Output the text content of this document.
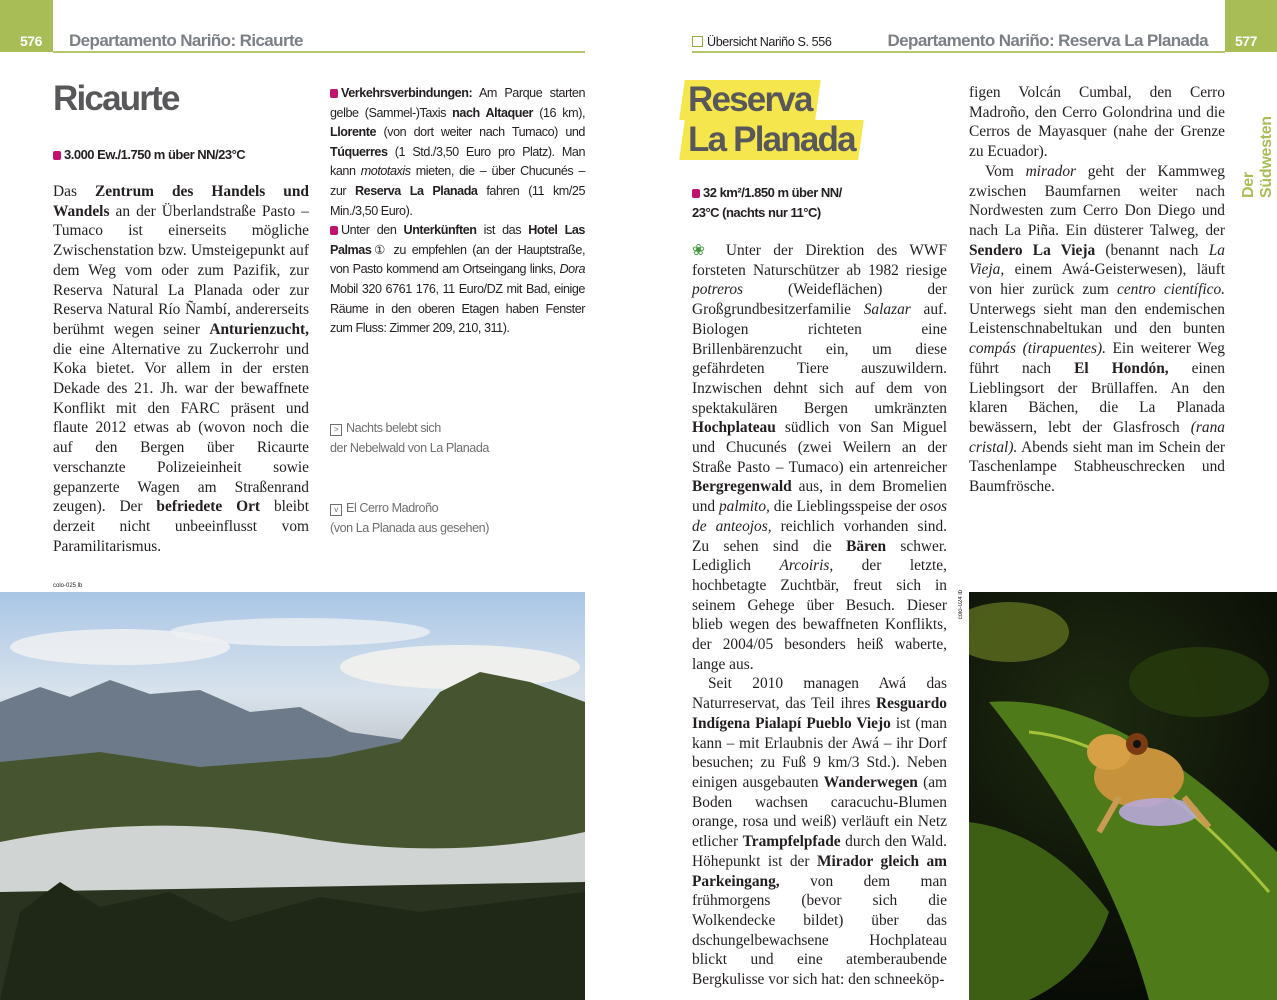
576 Departamento Nariño: Ricaurte
Ricaurte
3.000 Ew./1.750 m über NN/23°C

Das Zentrum des Handels und Wandels an der Überlandstraße Pasto – Tumaco ist einerseits mögliche Zwischenstation bzw. Umsteigepunkt auf dem Weg vom oder zum Pazifik, zur Reserva Natural La Planada oder zur Reserva Natural Río Ñambí, andererseits berühmt wegen seiner Anturienzucht, die eine Alternative zu Zuckerrohr und Koka bietet. Vor allem in der ersten Dekade des 21. Jh. war der bewaffnete Konflikt mit den FARC präsent und flaute 2012 etwas ab (wovon noch die auf den Bergen über Ricaurte verschanzte Polizeieinheit sowie gepanzerte Wagen am Straßenrand zeugen). Der befriedete Ort bleibt derzeit nicht unbeeinflusst vom Paramilitarismus.

Verkehrsverbindungen: Am Parque starten gelbe (Sammel-)Taxis nach Altaquer (16 km), Llorente (von dort weiter nach Tumaco) und Túquerres (1 Std./3,50 Euro pro Platz). Man kann mototaxis mieten, die – über Chucunés – zur Reserva La Planada fahren (11 km/25 Min./3,50 Euro).

Unter den Unterkünften ist das Hotel Las Palmas① zu empfehlen (an der Hauptstraße, von Pasto kommend am Ortseingang links, Dora Mobil 320 6761 176, 11 Euro/DZ mit Bad, einige Räume in den oberen Etagen haben Fenster zum Fluss: Zimmer 209, 210, 311).

> Nachts belebt sich
der Nebelwald von La Planada
v El Cerro Madroño
(von La Planada aus gesehen)
colo-025 lb
Übersicht Nariño S. 556	Departamento Nariño: Reserva La Planada 577
Der Südwesten
Reserva
La Planada
32 km²/1.850 m über NN/
23°C (nachts nur 11°C)

❀ Unter der Direktion des WWF forsteten Naturschützer ab 1982 riesige potreros (Weideflächen) der Großgrundbesitzerfamilie Salazar auf. Biologen richteten eine Brillenbärenzucht ein, um diese gefährdeten Tiere auszuwildern. Inzwischen dehnt sich auf dem von spektakulären Bergen umkränzten Hochplateau südlich von San Miguel und Chucunés (zwei Weilern an der Straße Pasto – Tumaco) ein artenreicher Bergregenwald aus, in dem Bromelien und palmito, die Lieblingsspeise der osos de anteojos, reichlich vorhanden sind. Zu sehen sind die Bären schwer. Lediglich Arcoiris, der letzte, hochbetagte Zuchtbär, freut sich in seinem Gehege über Besuch. Dieser blieb wegen des bewaffneten Konflikts, der 2004/05 besonders heiß waberte, lange aus.

Seit 2010 managen Awá das Naturreservat, das Teil ihres Resguardo Indígena Pialapí Pueblo Viejo ist (man kann – mit Erlaubnis der Awá – ihr Dorf besuchen; zu Fuß 9 km/3 Std.). Neben einigen ausgebauten Wanderwegen (am Boden wachsen caracuchu-Blumen orange, rosa und weiß) verläuft ein Netz etlicher Trampfelpfade durch den Wald. Höhepunkt ist der Mirador gleich am Parkeingang, von dem man frühmorgens (bevor sich die Wolkendecke bildet) über das dschungelbewachsene Hochplateau blickt und eine atemberaubende Bergkulisse vor sich hat: den schneeköp-

figen Volcán Cumbal, den Cerro Madroño, den Cerro Golondrina und die Cerros de Mayasquer (nahe der Grenze zu Ecuador).

Vom mirador geht der Kammweg zwischen Baumfarnen weiter nach Nordwesten zum Cerro Don Diego und nach La Piña. Ein düsterer Talweg, der Sendero La Vieja (benannt nach La Vieja, einem Awá-Geisterwesen), läuft von hier zurück zum centro científico. Unterwegs sieht man den endemischen Leistenschnabeltukan und den bunten compás (tirapuentes). Ein weiterer Weg führt nach El Hondón, einen Lieblingsort der Brüllaffen. An den klaren Bächen, die La Planada bewässern, lebt der Glasfrosch (rana cristal). Abends sieht man im Schein der Taschenlampe Stabheuschrecken und Baumfrösche.

colo-024 lb
